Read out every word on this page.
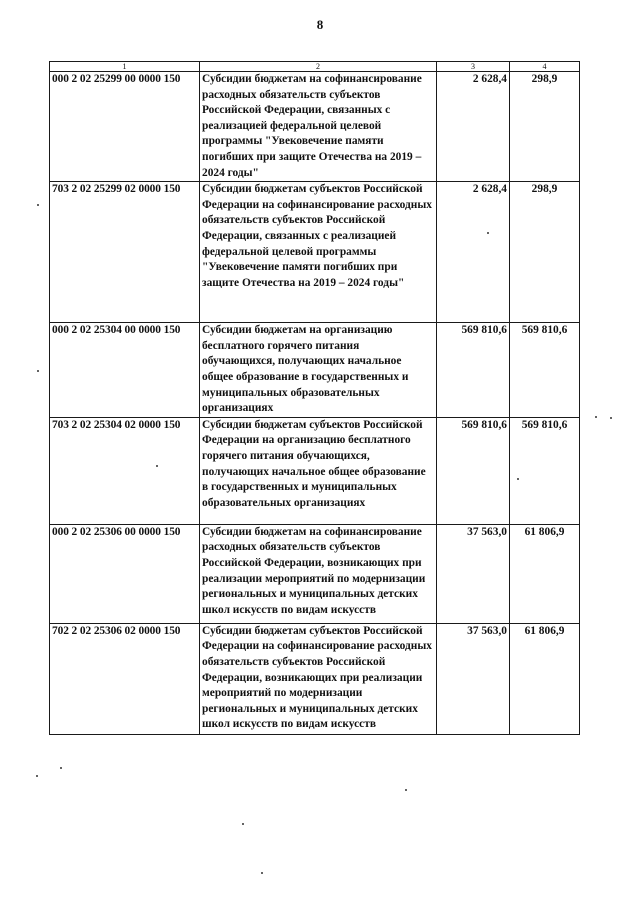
8
1	2	3	4
000 2 02 25299 00 0000 150	Субсидии бюджетам на софинансирование расходных обязательств субъектов Российской Федерации, связанных с реализацией федеральной целевой программы "Увековечение памяти погибших при защите Отечества на 2019 – 2024 годы"	2 628,4	298,9
703 2 02 25299 02 0000 150	Субсидии бюджетам субъектов Российской Федерации на софинансирование расходных обязательств субъектов Российской Федерации, связанных с реализацией федеральной целевой программы "Увековечение памяти погибших при защите Отечества на 2019 – 2024 годы"	2 628,4	298,9
000 2 02 25304 00 0000 150	Субсидии бюджетам на организацию бесплатного горячего питания обучающихся, получающих начальное общее образование в государственных и муниципальных образовательных организациях	569 810,6	569 810,6
703 2 02 25304 02 0000 150	Субсидии бюджетам субъектов Российской Федерации на организацию бесплатного горячего питания обучающихся, получающих начальное общее образование в государственных и муниципальных образовательных организациях	569 810,6	569 810,6
000 2 02 25306 00 0000 150	Субсидии бюджетам на софинансирование расходных обязательств субъектов Российской Федерации, возникающих при реализации мероприятий по модернизации региональных и муниципальных детских школ искусств по видам искусств	37 563,0	61 806,9
702 2 02 25306 02 0000 150	Субсидии бюджетам субъектов Российской Федерации на софинансирование расходных обязательств субъектов Российской Федерации, возникающих при реализации мероприятий по модернизации региональных и муниципальных детских школ искусств по видам искусств	37 563,0	61 806,9
